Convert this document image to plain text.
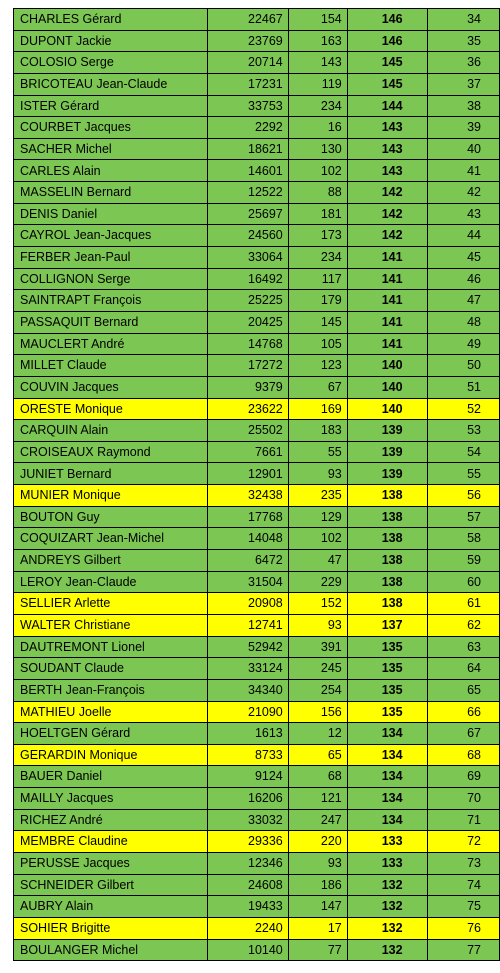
CHARLES Gérard	22467	154	146	34
DUPONT Jackie	23769	163	146	35
COLOSIO Serge	20714	143	145	36
BRICOTEAU Jean-Claude	17231	119	145	37
ISTER Gérard	33753	234	144	38
COURBET Jacques	2292	16	143	39
SACHER Michel	18621	130	143	40
CARLES Alain	14601	102	143	41
MASSELIN Bernard	12522	88	142	42
DENIS Daniel	25697	181	142	43
CAYROL Jean-Jacques	24560	173	142	44
FERBER Jean-Paul	33064	234	141	45
COLLIGNON Serge	16492	117	141	46
SAINTRAPT François	25225	179	141	47
PASSAQUIT Bernard	20425	145	141	48
MAUCLERT André	14768	105	141	49
MILLET Claude	17272	123	140	50
COUVIN Jacques	9379	67	140	51
ORESTE Monique	23622	169	140	52
CARQUIN Alain	25502	183	139	53
CROISEAUX Raymond	7661	55	139	54
JUNIET Bernard	12901	93	139	55
MUNIER Monique	32438	235	138	56
BOUTON Guy	17768	129	138	57
COQUIZART Jean-Michel	14048	102	138	58
ANDREYS Gilbert	6472	47	138	59
LEROY Jean-Claude	31504	229	138	60
SELLIER Arlette	20908	152	138	61
WALTER Christiane	12741	93	137	62
DAUTREMONT Lionel	52942	391	135	63
SOUDANT Claude	33124	245	135	64
BERTH Jean-François	34340	254	135	65
MATHIEU Joelle	21090	156	135	66
HOELTGEN Gérard	1613	12	134	67
GERARDIN Monique	8733	65	134	68
BAUER Daniel	9124	68	134	69
MAILLY Jacques	16206	121	134	70
RICHEZ André	33032	247	134	71
MEMBRE Claudine	29336	220	133	72
PERUSSE Jacques	12346	93	133	73
SCHNEIDER Gilbert	24608	186	132	74
AUBRY Alain	19433	147	132	75
SOHIER Brigitte	2240	17	132	76
BOULANGER Michel	10140	77	132	77
